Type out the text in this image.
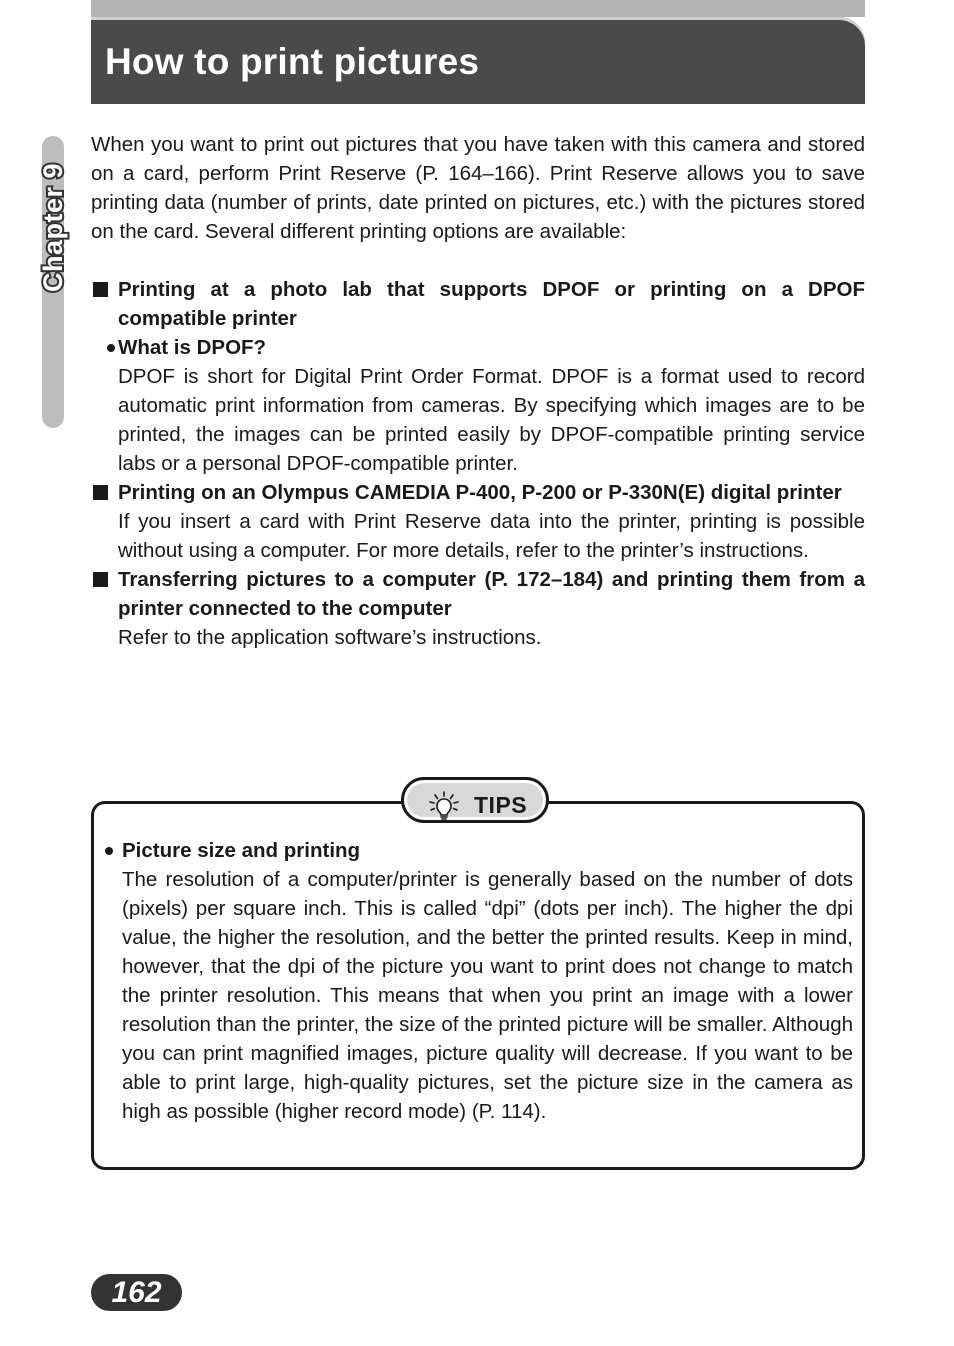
How to print pictures
Chapter 9

When you want to print out pictures that you have taken with this camera and stored on a card, perform Print Reserve (P. 164–166). Print Reserve allows you to save printing data (number of prints, date printed on pictures, etc.) with the pictures stored on the card. Several different printing options are available:

Printing at a photo lab that supports DPOF or printing on a DPOF compatible printer
What is DPOF?

DPOF is short for Digital Print Order Format. DPOF is a format used to record automatic print information from cameras. By specifying which images are to be printed, the images can be printed easily by DPOF-compatible printing service labs or a personal DPOF-compatible printer.

Printing on an Olympus CAMEDIA P-400, P-200 or P-330N(E) digital printer

If you insert a card with Print Reserve data into the printer, printing is possible without using a computer. For more details, refer to the printer’s instructions.

Transferring pictures to a computer (P. 172–184) and printing them from a printer connected to the computer

Refer to the application software’s instructions.

TIPS
Picture size and printing

The resolution of a computer/printer is generally based on the number of dots (pixels) per square inch. This is called “dpi” (dots per inch). The higher the dpi value, the higher the resolution, and the better the printed results. Keep in mind, however, that the dpi of the picture you want to print does not change to match the printer resolution. This means that when you print an image with a lower resolution than the printer, the size of the printed picture will be smaller. Although you can print magnified images, picture quality will decrease. If you want to be able to print large, high-quality pictures, set the picture size in the camera as high as possible (higher record mode) (P. 114).

162
